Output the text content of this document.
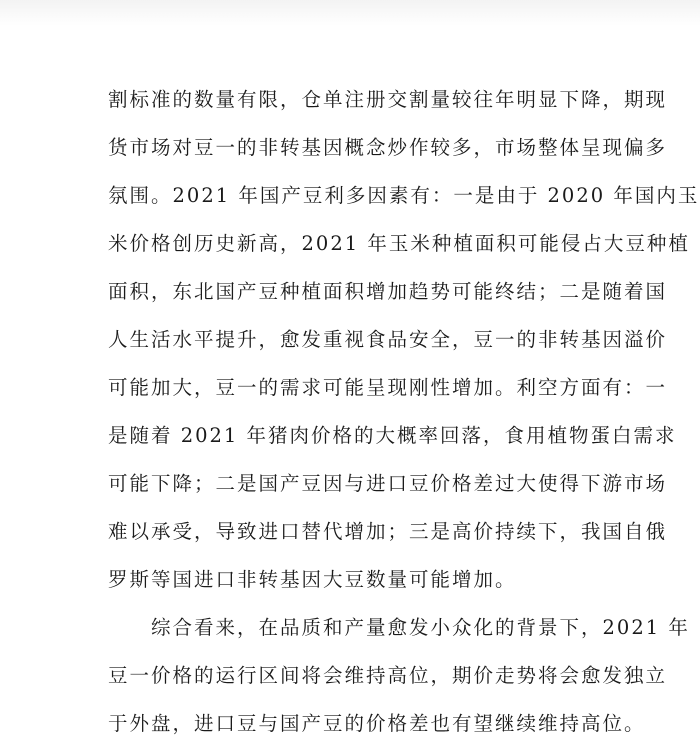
割标准的数量有限，仓单注册交割量较往年明显下降，期现
货市场对豆一的非转基因概念炒作较多，市场整体呈现偏多
氛围。2021 年国产豆利多因素有：一是由于 2020 年国内玉
米价格创历史新高，2021 年玉米种植面积可能侵占大豆种植
面积，东北国产豆种植面积增加趋势可能终结；二是随着国
人生活水平提升，愈发重视食品安全，豆一的非转基因溢价
可能加大，豆一的需求可能呈现刚性增加。利空方面有：一
是随着 2021 年猪肉价格的大概率回落，食用植物蛋白需求
可能下降；二是国产豆因与进口豆价格差过大使得下游市场
难以承受，导致进口替代增加；三是高价持续下，我国自俄
罗斯等国进口非转基因大豆数量可能增加。
　　综合看来，在品质和产量愈发小众化的背景下，2021 年
豆一价格的运行区间将会维持高位，期价走势将会愈发独立
于外盘，进口豆与国产豆的价格差也有望继续维持高位。
